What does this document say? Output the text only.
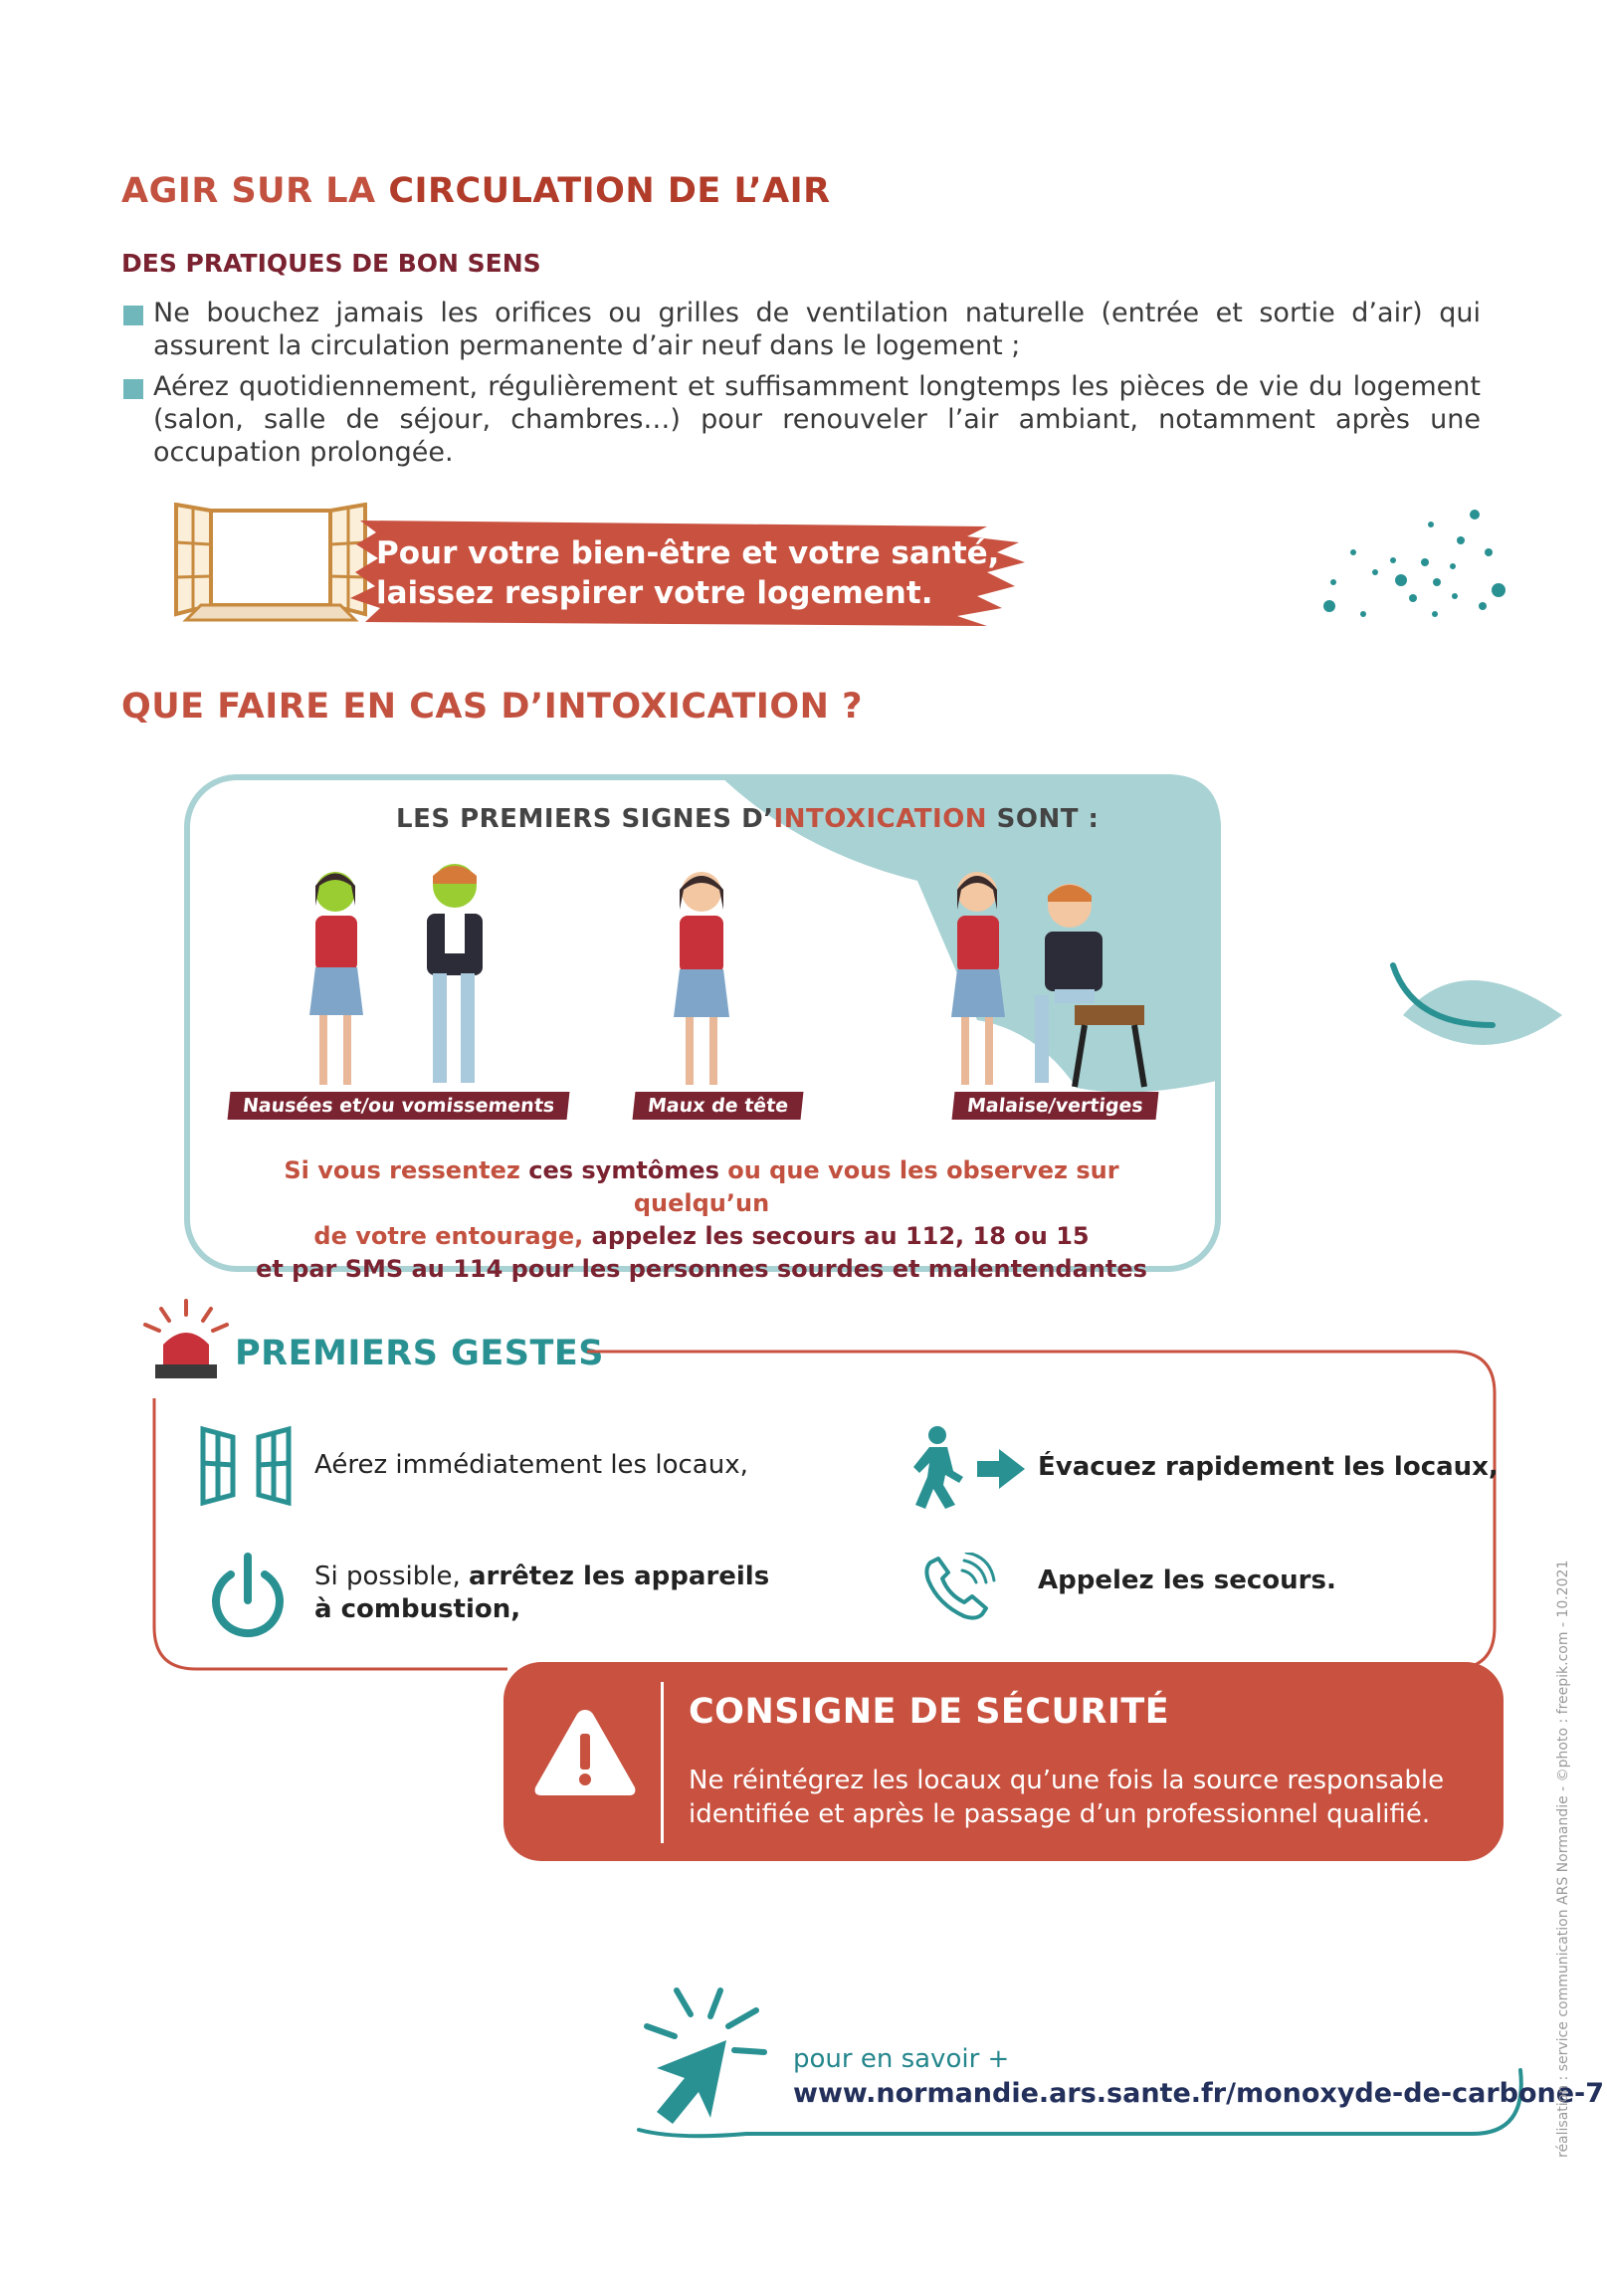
AGIR SUR LA CIRCULATION DE L’AIR
DES PRATIQUES DE BON SENS
Ne bouchez jamais les orifices ou grilles de ventilation naturelle (entrée et sortie d’air) qui assurent la circulation permanente d’air neuf dans le logement ;
Aérez quotidiennement, régulièrement et suffisamment longtemps les pièces de vie du logement (salon, salle de séjour, chambres…) pour renouveler l’air ambiant, notamment après une occupation prolongée.
Pour votre bien-être et votre santé,
laissez respirer votre logement.
QUE FAIRE EN CAS D’INTOXICATION ?
LES PREMIERS SIGNES D’INTOXICATION SONT :
Nausées et/ou vomissements	Maux de tête	Malaise/vertiges
Si vous ressentez ces symtômes ou que vous les observez sur quelqu’un
de votre entourage, appelez les secours au 112, 18 ou 15
et par SMS au 114 pour les personnes sourdes et malentendantes
PREMIERS GESTES
Aérez immédiatement les locaux,	Évacuez rapidement les locaux,
Si possible, arrêtez les appareils
à combustion,
Appelez les secours.
CONSIGNE DE SÉCURITÉ
Ne réintégrez les locaux qu’une fois la source responsable
identifiée et après le passage d’un professionnel qualifié.
pour en savoir +
www.normandie.ars.sante.fr/monoxyde-de-carbone-7
réalisation : service communication ARS Normandie - ©photo : freepik.com - 10.2021
